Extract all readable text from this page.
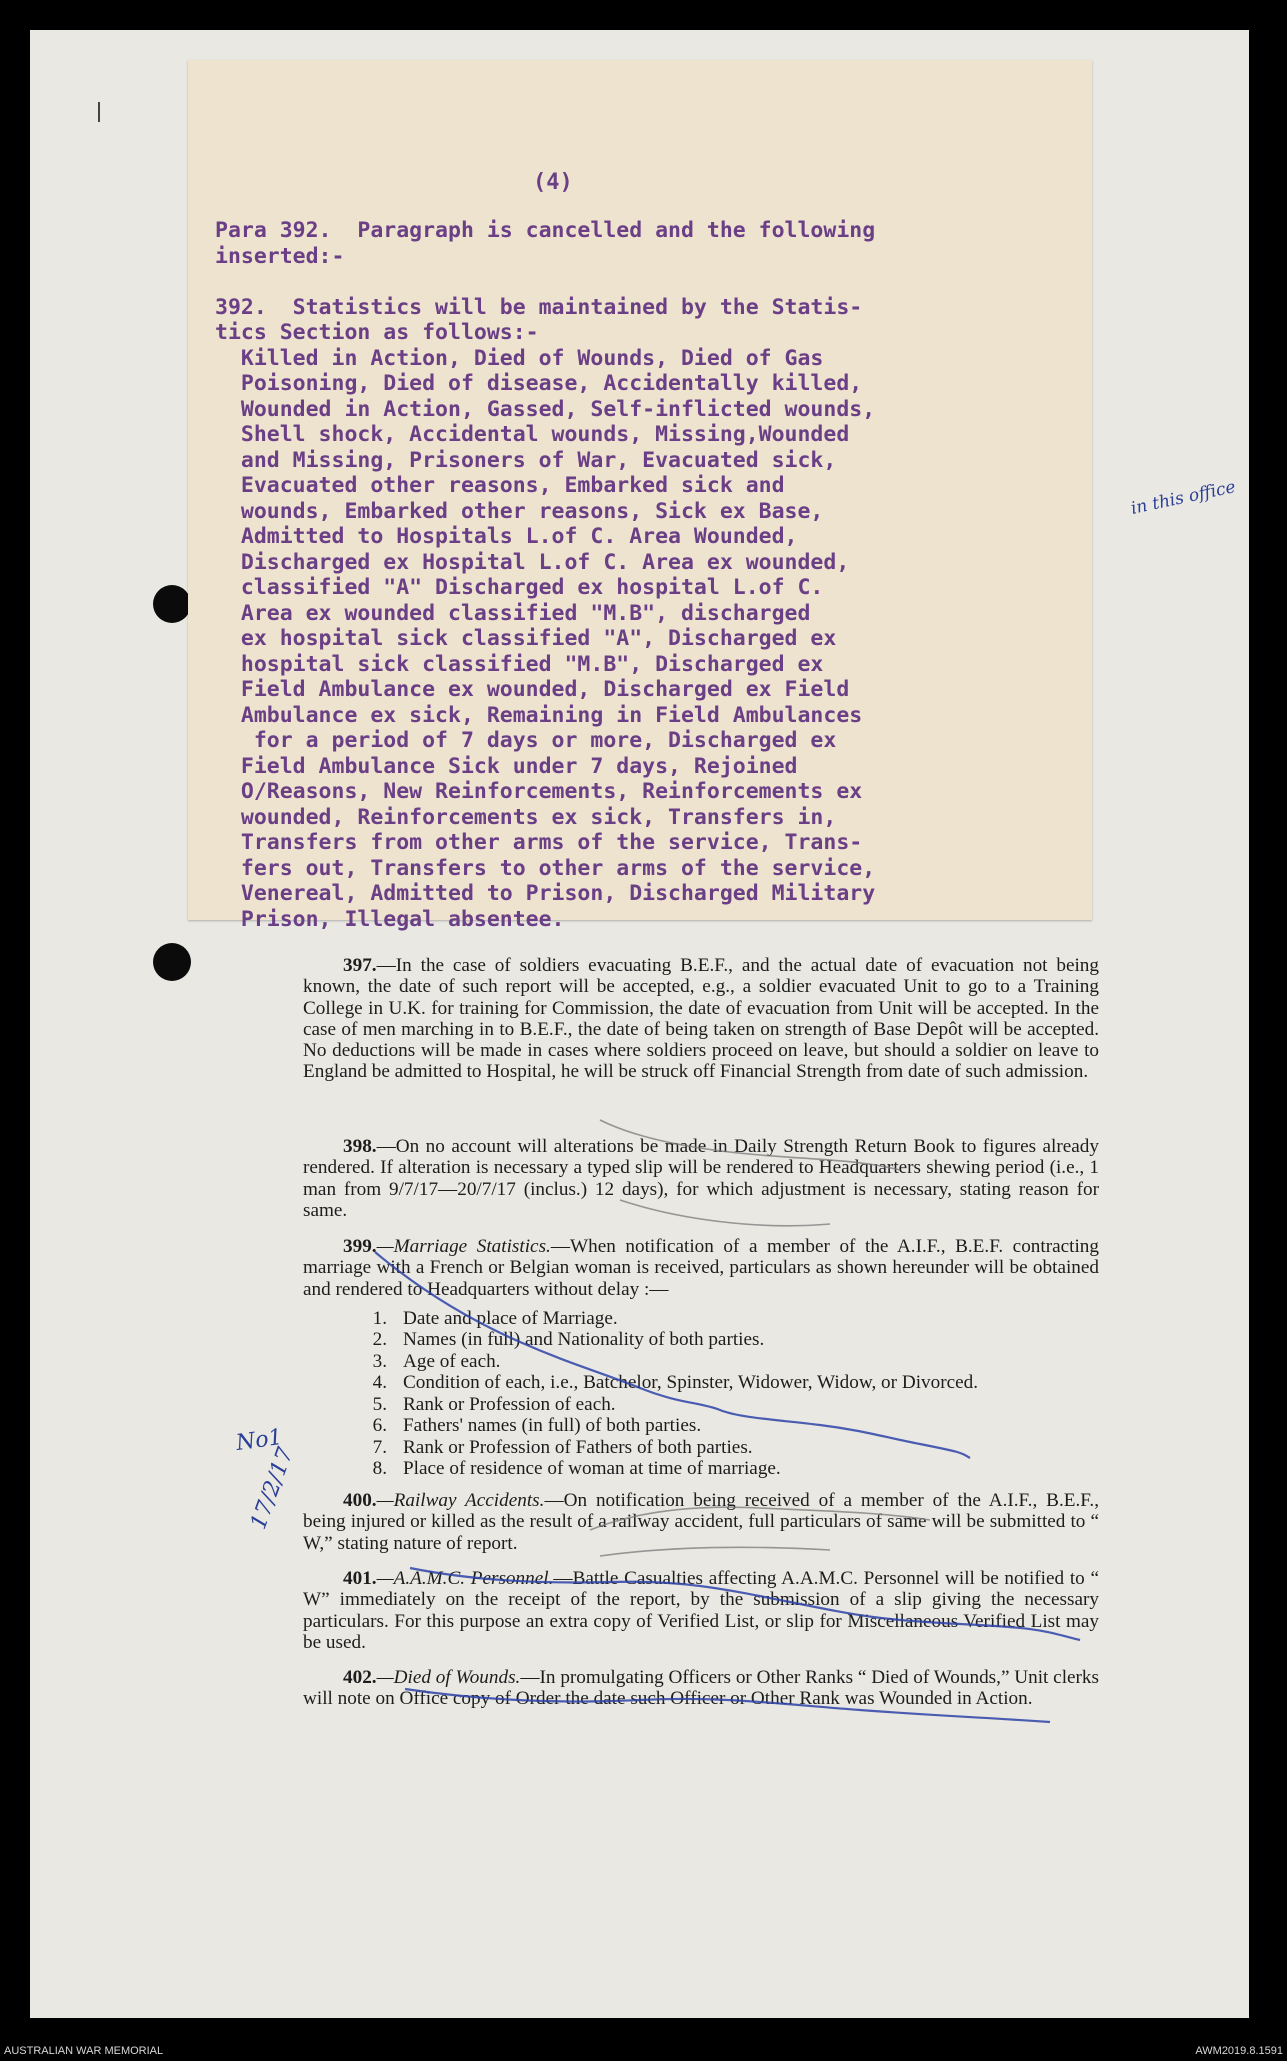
(4)
Para 392.  Paragraph is cancelled and the following
inserted:-

392.  Statistics will be maintained by the Statis-
tics Section as follows:-
Killed in Action, Died of Wounds, Died of Gas
Poisoning, Died of disease, Accidentally killed,
Wounded in Action, Gassed, Self-inflicted wounds,
Shell shock, Accidental wounds, Missing,Wounded
and Missing, Prisoners of War, Evacuated sick,
Evacuated other reasons, Embarked sick and
wounds, Embarked other reasons, Sick ex Base,
Admitted to Hospitals L.of C. Area Wounded,
Discharged ex Hospital L.of C. Area ex wounded,
classified "A" Discharged ex hospital L.of C.
Area ex wounded classified "M.B", discharged
ex hospital sick classified "A", Discharged ex
hospital sick classified "M.B", Discharged ex
Field Ambulance ex wounded, Discharged ex Field
Ambulance ex sick, Remaining in Field Ambulances
for a period of 7 days or more, Discharged ex
Field Ambulance Sick under 7 days, Rejoined
O/Reasons, New Reinforcements, Reinforcements ex
wounded, Reinforcements ex sick, Transfers in,
Transfers from other arms of the service, Trans-
fers out, Transfers to other arms of the service,
Venereal, Admitted to Prison, Discharged Military
Prison, Illegal absentee.

397.—In the case of soldiers evacuating B.E.F., and the actual date of evacuation not being known, the date of such report will be accepted, e.g., a soldier evacuated Unit to go to a Training College in U.K. for training for Commission, the date of evacuation from Unit will be accepted. In the case of men marching in to B.E.F., the date of being taken on strength of Base Depôt will be accepted. No deductions will be made in cases where soldiers proceed on leave, but should a soldier on leave to England be admitted to Hospital, he will be struck off Financial Strength from date of such admission.

398.—On no account will alterations be made in Daily Strength Return Book to figures already rendered. If alteration is necessary a typed slip will be rendered to Headquarters shewing period (i.e., 1 man from 9/7/17—20/7/17 (inclus.) 12 days), for which adjustment is necessary, stating reason for same.

399.—Marriage Statistics.—When notification of a member of the A.I.F., B.E.F. contracting marriage with a French or Belgian woman is received, particulars as shown hereunder will be obtained and rendered to Headquarters without delay :—

1. Date and place of Marriage.
2. Names (in full) and Nationality of both parties.
3. Age of each.
4. Condition of each, i.e., Batchelor, Spinster, Widower, Widow, or Divorced.
5. Rank or Profession of each.
6. Fathers' names (in full) of both parties.
7. Rank or Profession of Fathers of both parties.
8. Place of residence of woman at time of marriage.

400.—Railway Accidents.—On notification being received of a member of the A.I.F., B.E.F., being injured or killed as the result of a railway accident, full particulars of same will be submitted to “ W,” stating nature of report.

401.—A.A.M.C. Personnel.—Battle Casualties affecting A.A.M.C. Personnel will be notified to “ W” immediately on the receipt of the report, by the submission of a slip giving the necessary particulars. For this purpose an extra copy of Verified List, or slip for Miscellaneous Verified List may be used.

402.—Died of Wounds.—In promulgating Officers or Other Ranks “ Died of Wounds,” Unit clerks will note on Office copy of Order the date such Officer or Other Rank was Wounded in Action.

in this office
No1
17/2/17
AUSTRALIAN WAR MEMORIAL	AWM2019.8.1591
